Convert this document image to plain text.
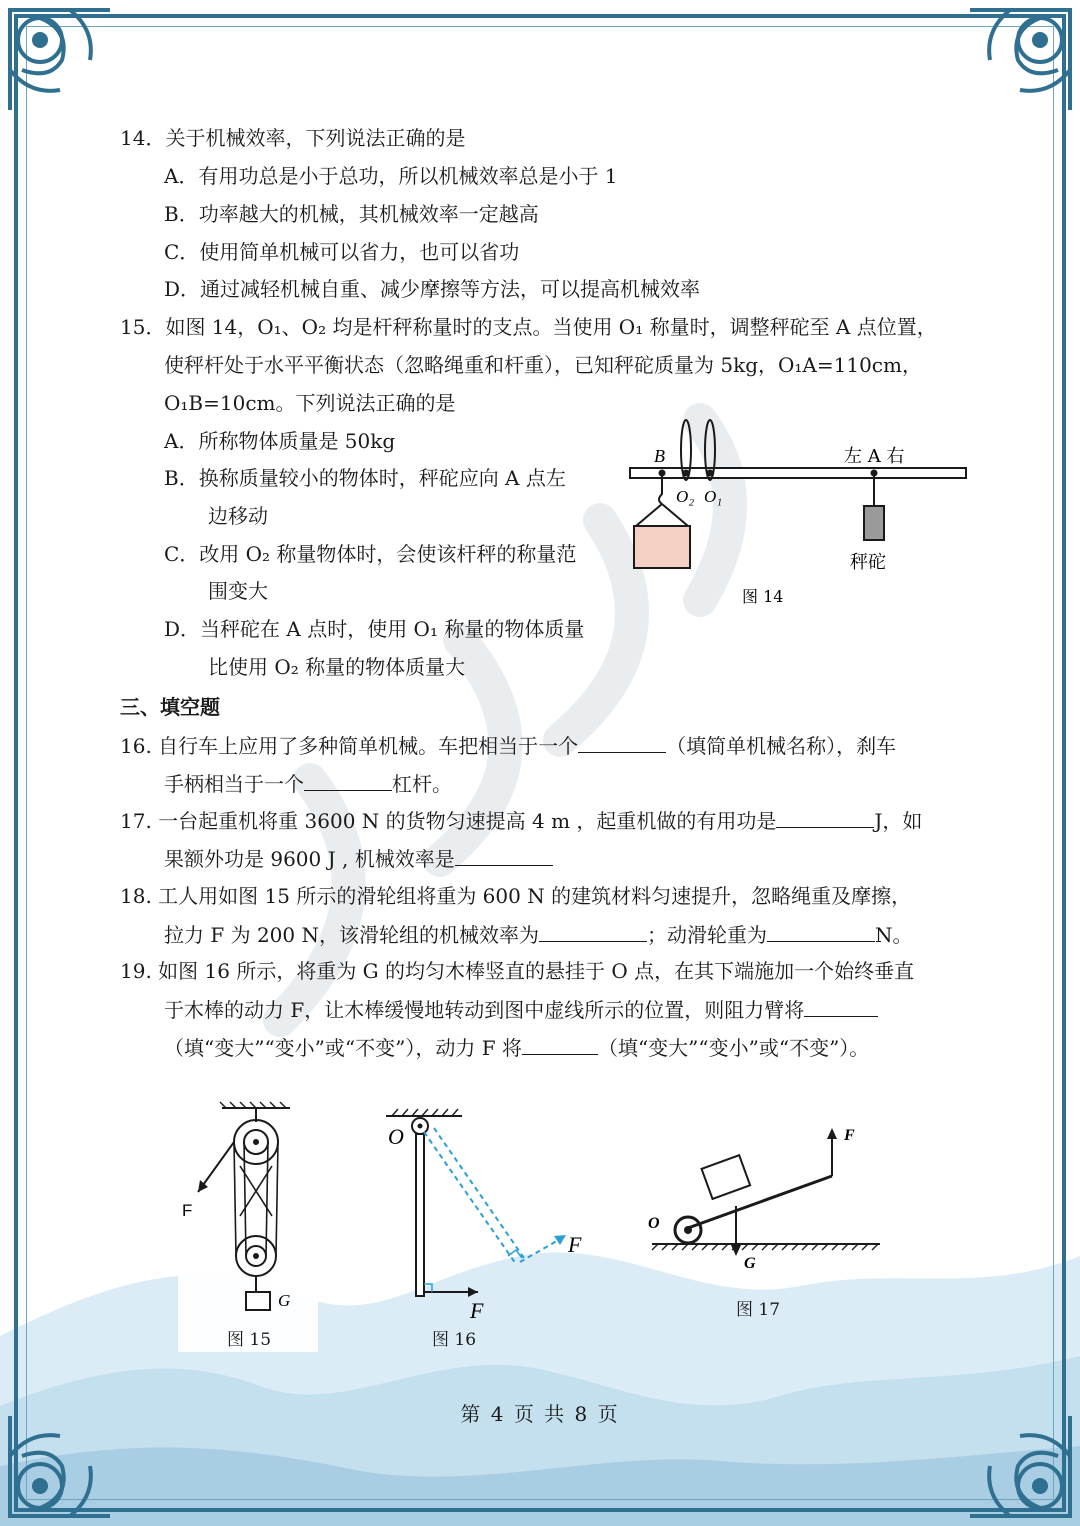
14．关于机械效率，下列说法正确的是
A．有用功总是小于总功，所以机械效率总是小于 1
B．功率越大的机械，其机械效率一定越高
C．使用简单机械可以省力，也可以省功
D．通过减轻机械自重、减少摩擦等方法，可以提高机械效率
15．如图 14，O₁、O₂ 均是杆秤称量时的支点。当使用 O₁ 称量时，调整秤砣至 A 点位置，
使秤杆处于水平平衡状态（忽略绳重和杆重），已知秤砣质量为 5kg，O₁A=110cm，
O₁B=10cm。下列说法正确的是
A．所称物体质量是 50kg
B．换称质量较小的物体时，秤砣应向 A 点左
边移动
C．改用 O₂ 称量物体时，会使该杆秤的称量范
围变大
D．当秤砣在 A 点时，使用 O₁ 称量的物体质量
比使用 O₂ 称量的物体质量大
B
O₂ O₁
左 A 右
秤砣
图 14
三、填空题
16. 自行车上应用了多种简单机械。车把相当于一个	（填简单机械名称），刹车
手柄相当于一个	杠杆。
17. 一台起重机将重 3600 N 的货物匀速提高 4 m ，起重机做的有用功是	J，如
果额外功是 9600 J , 机械效率是
18. 工人用如图 15 所示的滑轮组将重为 600 N 的建筑材料匀速提升，忽略绳重及摩擦，
拉力 F 为 200 N，该滑轮组的机械效率为	；动滑轮重为	N。
19. 如图 16 所示，将重为 G 的均匀木棒竖直的悬挂于 O 点，在其下端施加一个始终垂直
于木棒的动力 F，让木棒缓慢地转动到图中虚线所示的位置，则阻力臂将
（填“变大”“变小”或“不变”），动力 F 将	（填“变大”“变小”或“不变”）。
F
G
图 15
O
F
F
图 16
O
F
G
图 17
第 4 页 共 8 页
